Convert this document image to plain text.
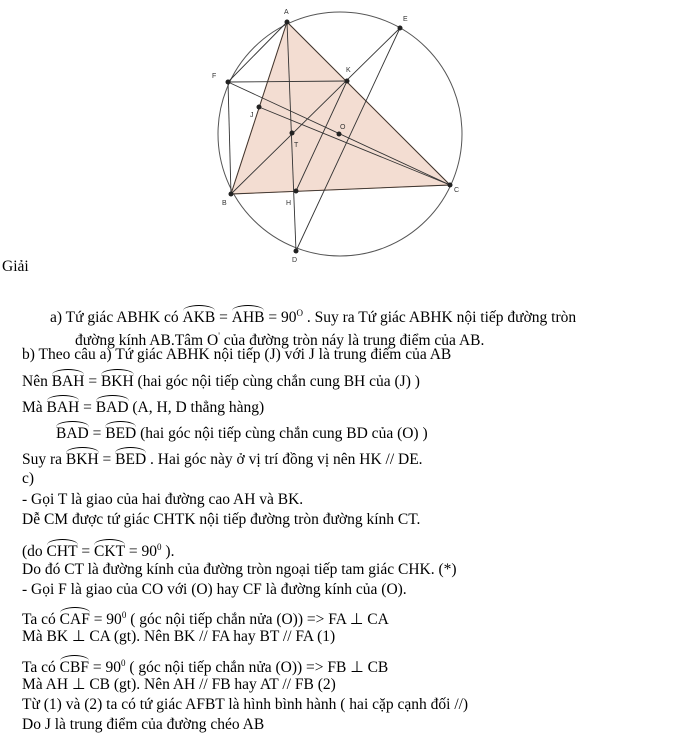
A
E
F
K
J
O
T
B	H
C
D
Giải
a) Tứ giác ABHK có AKB = AHB = $90^O$ . Suy ra Tứ giác ABHK nội tiếp đường tròn
đường kính AB.Tâm O' của đường tròn náy là trung điểm của AB.
b) Theo câu a) Tứ giác ABHK nội tiếp (J) với J là trung điểm của AB
Nên BAH = BKH (hai góc nội tiếp cùng chắn cung BH của (J) )
Mà BAH = BAD (A, H, D thẳng hàng)
BAD = BED (hai góc nội tiếp cùng chắn cung BD của (O) )
Suy ra BKH = BED . Hai góc này ở vị trí đồng vị nên HK // DE.
c)
- Gọi T là giao của hai đường cao AH và BK.
Dễ CM được tứ giác CHTK nội tiếp đường tròn đường kính CT.
(do CHT = CKT = $90^0$ ).
Do đó CT là đường kính của đường tròn ngoại tiếp tam giác CHK. (*)
- Gọi F là giao của CO với (O) hay CF là đường kính của (O).
Ta có CAF = $90^0$ ( góc nội tiếp chắn nửa (O)) => FA ⊥ CA
Mà BK ⊥ CA (gt). Nên BK // FA hay BT // FA (1)
Ta có CBF = $90^0$ ( góc nội tiếp chắn nửa (O)) => FB ⊥ CB
Mà AH ⊥ CB (gt). Nên AH // FB hay AT // FB (2)
Từ (1) và (2) ta có tứ giác AFBT là hình bình hành ( hai cặp cạnh đối //)
Do J là trung điểm của đường chéo AB
